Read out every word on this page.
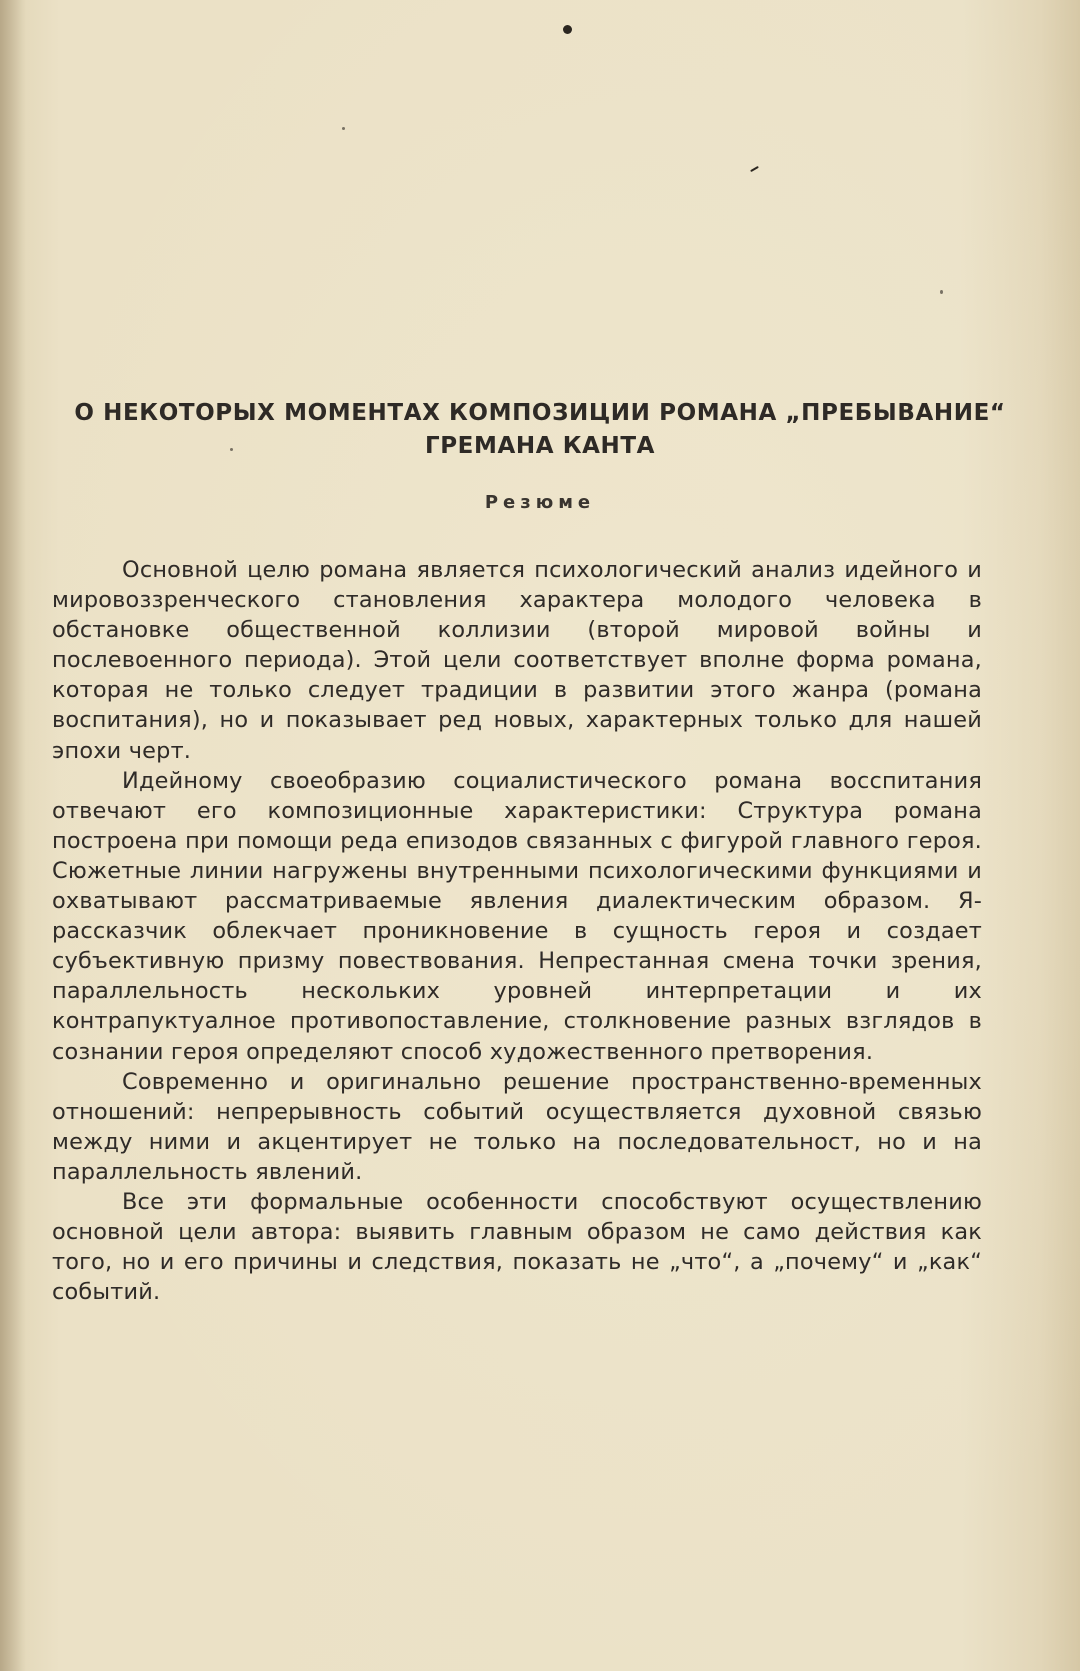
О НЕКОТОРЫХ МОМЕНТАХ КОМПОЗИЦИИ РОМАНА „ПРЕБЫВАНИЕ“
ГРЕМАНА КАНТА
Резюме

Основной целю романа является психологический анализ идейного и мировоззренческого становления характера молодого человека в обстановке общественной коллизии (второй мировой войны и послевоенного периода). Этой цели соответствует вполне форма романа, которая не только следует традиции в развитии этого жанра (романа воспитания), но и показывает ред новых, характерных только для нашей эпохи черт.

Идейному своеобразию социалистического романа восспитания отвечают его композиционные характеристики: Структура романа построена при помощи реда епизодов связанных с фигурой главного героя. Сюжетные линии нагружены внутренными психологическими функциями и охватывают рассматриваемые явления диалектическим образом. Я-рассказчик облекчает проникновение в сущность героя и создает субъективную призму повествования. Непрестанная смена точки зрения, параллельность нескольких уровней интерпретации и их контрапуктуалное противопоставление, столкновение разных взглядов в сознании героя определяют способ художественного претворения.

Современно и оригинально решение пространственно-временных отношений: непрерывность событий осуществляется духовной связью между ними и акцентирует не только на последовательност, но и на параллельность явлений.

Все эти формальные особенности способствуют осуществлению основной цели автора: выявить главным образом не само действия как того, но и его причины и следствия, показать не „что“, а „почему“ и „как“ событий.
